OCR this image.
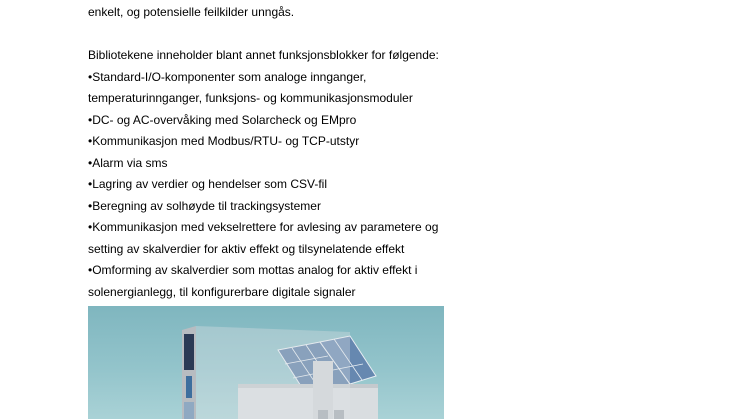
enkelt, og potensielle feilkilder unngås.
Bibliotekene inneholder blant annet funksjonsblokker for følgende:
•Standard-I/O-komponenter som analoge innganger,
temperaturinnganger, funksjons- og kommunikasjonsmoduler
•DC- og AC-overvåking med Solarcheck og EMpro
•Kommunikasjon med Modbus/RTU- og TCP-utstyr
•Alarm via sms
•Lagring av verdier og hendelser som CSV-fil
•Beregning av solhøyde til trackingsystemer
•Kommunikasjon med vekselrettere for avlesing av parametere og
setting av skalverdier for aktiv effekt og tilsynelatende effekt
•Omforming av skalverdier som mottas analog for aktiv effekt i
solenergianlegg, til konfigurerbare digitale signaler
